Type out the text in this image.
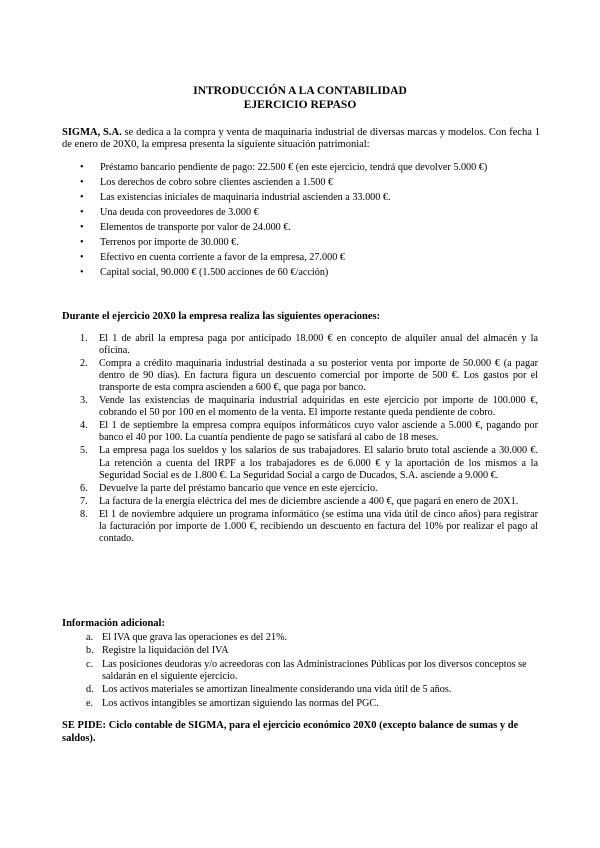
INTRODUCCIÓN A LA CONTABILIDAD
EJERCICIO REPASO
SIGMA, S.A. se dedica a la compra y venta de maquinaria industrial de diversas marcas y modelos. Con fecha 1 de enero de 20X0, la empresa presenta la siguiente situación patrimonial:
• Préstamo bancario pendiente de pago: 22.500 € (en este ejercicio, tendrá que devolver 5.000 €)
• Los derechos de cobro sobre clientes ascienden a 1.500 €
• Las existencias iniciales de maquinaria industrial ascienden a 33.000 €.
• Una deuda con proveedores de 3.000 €
• Elementos de transporte por valor de 24.000 €.
• Terrenos por importe de 30.000 €.
• Efectivo en cuenta corriente a favor de la empresa, 27.000 €
• Capital social, 90.000 € (1.500 acciones de 60 €/acción)
Durante el ejercicio 20X0 la empresa realiza las siguientes operaciones:
1. El 1 de abril la empresa paga por anticipado 18.000 € en concepto de alquiler anual del almacén y la oficina.
2. Compra a crédito maquinaria industrial destinada a su posterior venta por importe de 50.000 € (a pagar dentro de 90 días). En factura figura un descuento comercial por importe de 500 €. Los gastos por el transporte de esta compra ascienden a 600 €, que paga por banco.
3. Vende las existencias de maquinaria industrial adquiridas en este ejercicio por importe de 100.000 €, cobrando el 50 por 100 en el momento de la venta. El importe restante queda pendiente de cobro.
4. El 1 de septiembre la empresa compra equipos informáticos cuyo valor asciende a 5.000 €, pagando por banco el 40 por 100. La cuantía pendiente de pago se satisfará al cabo de 18 meses.
5. La empresa paga los sueldos y los salarios de sus trabajadores. El salario bruto total asciende a 30.000 €. La retención a cuenta del IRPF a los trabajadores es de 6.000 € y la aportación de los mismos a la Seguridad Social es de 1.800 €. La Seguridad Social a cargo de Ducados, S.A. asciende a 9.000 €.
6. Devuelve la parte del préstamo bancario que vence en este ejercicio.
7. La factura de la energía eléctrica del mes de diciembre asciende a 400 €, que pagará en enero de 20X1.
8. El 1 de noviembre adquiere un programa informático (se estima una vida útil de cinco años) para registrar la facturación por importe de 1.000 €, recibiendo un descuento en factura del 10% por realizar el pago al contado.
Información adicional:
a. El IVA que grava las operaciones es del 21%.
b. Registre la liquidación del IVA
c. Las posiciones deudoras y/o acreedoras con las Administraciones Públicas por los diversos conceptos se saldarán en el siguiente ejercicio.
d. Los activos materiales se amortizan linealmente considerando una vida útil de 5 años.
e. Los activos intangibles se amortizan siguiendo las normas del PGC.
SE PIDE: Ciclo contable de SIGMA, para el ejercicio económico 20X0 (excepto balance de sumas y de saldos).
